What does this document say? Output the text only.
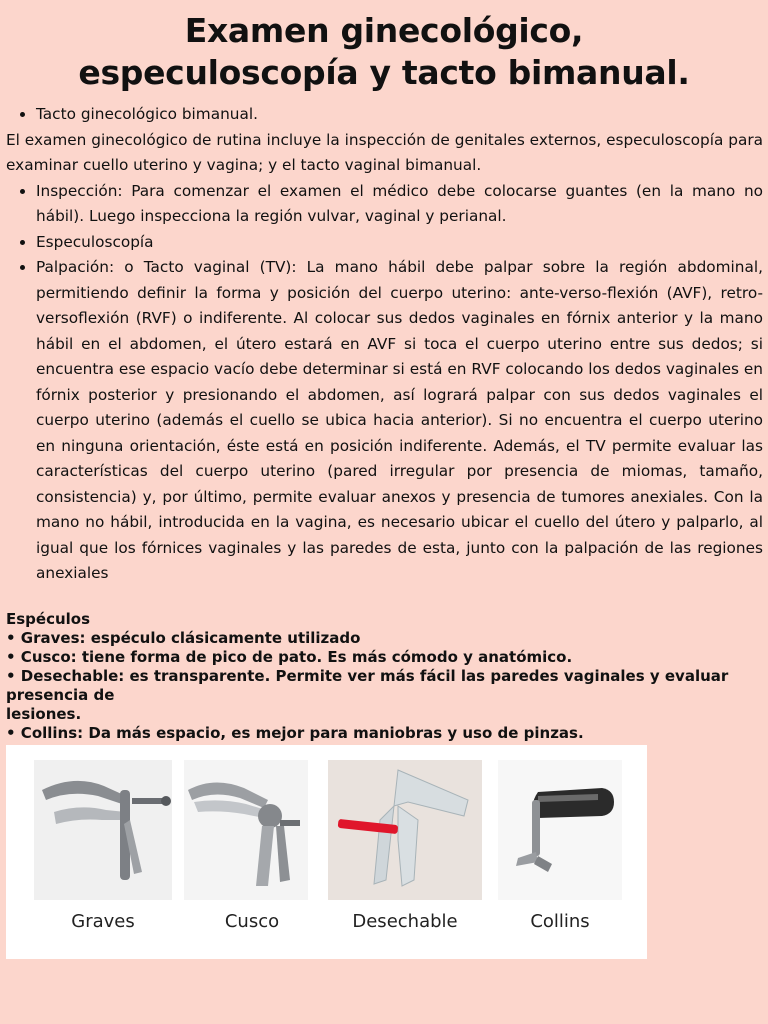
Examen ginecológico,
especuloscopía y tacto bimanual.
• Tacto ginecológico bimanual.

El examen ginecológico de rutina incluye la inspección de genitales externos, especuloscopía para examinar cuello uterino y vagina; y el tacto vaginal bimanual.

• Inspección: Para comenzar el examen el médico debe colocarse guantes (en la mano no hábil). Luego inspecciona la región vulvar, vaginal y perianal.
• Especuloscopía
• Palpación: o Tacto vaginal (TV): La mano hábil debe palpar sobre la región abdominal, permitiendo definir la forma y posición del cuerpo uterino: ante-verso-flexión (AVF), retro-versoflexión (RVF) o indiferente. Al colocar sus dedos vaginales en fórnix anterior y la mano hábil en el abdomen, el útero estará en AVF si toca el cuerpo uterino entre sus dedos; si encuentra ese espacio vacío debe determinar si está en RVF colocando los dedos vaginales en fórnix posterior y presionando el abdomen, así logrará palpar con sus dedos vaginales el cuerpo uterino (además el cuello se ubica hacia anterior). Si no encuentra el cuerpo uterino en ninguna orientación, éste está en posición indiferente. Además, el TV permite evaluar las características del cuerpo uterino (pared irregular por presencia de miomas, tamaño, consistencia) y, por último, permite evaluar anexos y presencia de tumores anexiales. Con la mano no hábil, introducida en la vagina, es necesario ubicar el cuello del útero y palparlo, al igual que los fórnices vaginales y las paredes de esta, junto con la palpación de las regiones anexiales
Espéculos
• Graves: espéculo clásicamente utilizado
• Cusco: tiene forma de pico de pato. Es más cómodo y anatómico.
• Desechable: es transparente. Permite ver más fácil las paredes vaginales y evaluar presencia de
lesiones.
• Collins: Da más espacio, es mejor para maniobras y uso de pinzas.
Graves	Cusco	Desechable	Collins
